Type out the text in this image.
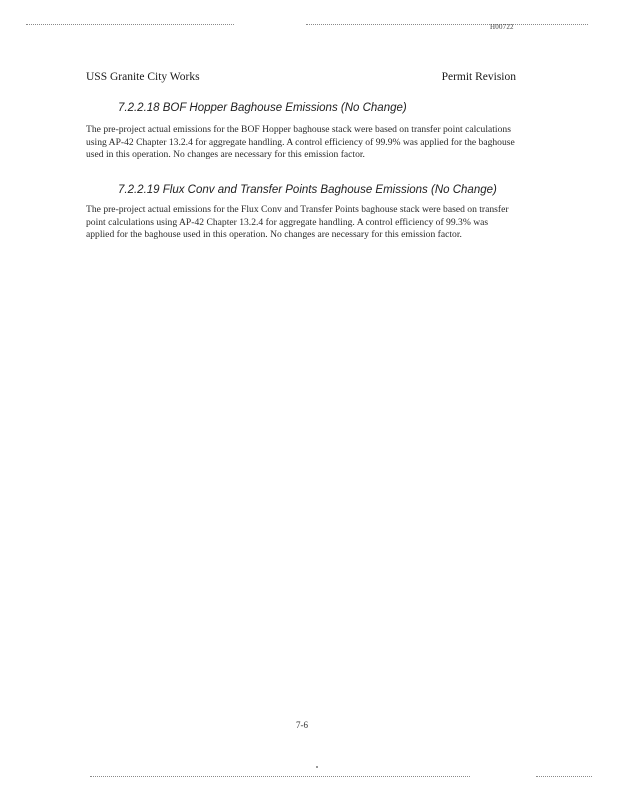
H00722
USS Granite City Works	Permit Revision
7.2.2.18 BOF Hopper Baghouse Emissions (No Change)

The pre-project actual emissions for the BOF Hopper baghouse stack were based on transfer point calculations using AP-42 Chapter 13.2.4 for aggregate handling. A control efficiency of 99.9% was applied for the baghouse used in this operation. No changes are necessary for this emission factor.

7.2.2.19 Flux Conv and Transfer Points Baghouse Emissions (No Change)

The pre-project actual emissions for the Flux Conv and Transfer Points baghouse stack were based on transfer point calculations using AP-42 Chapter 13.2.4 for aggregate handling. A control efficiency of 99.3% was applied for the baghouse used in this operation. No changes are necessary for this emission factor.

7-6
